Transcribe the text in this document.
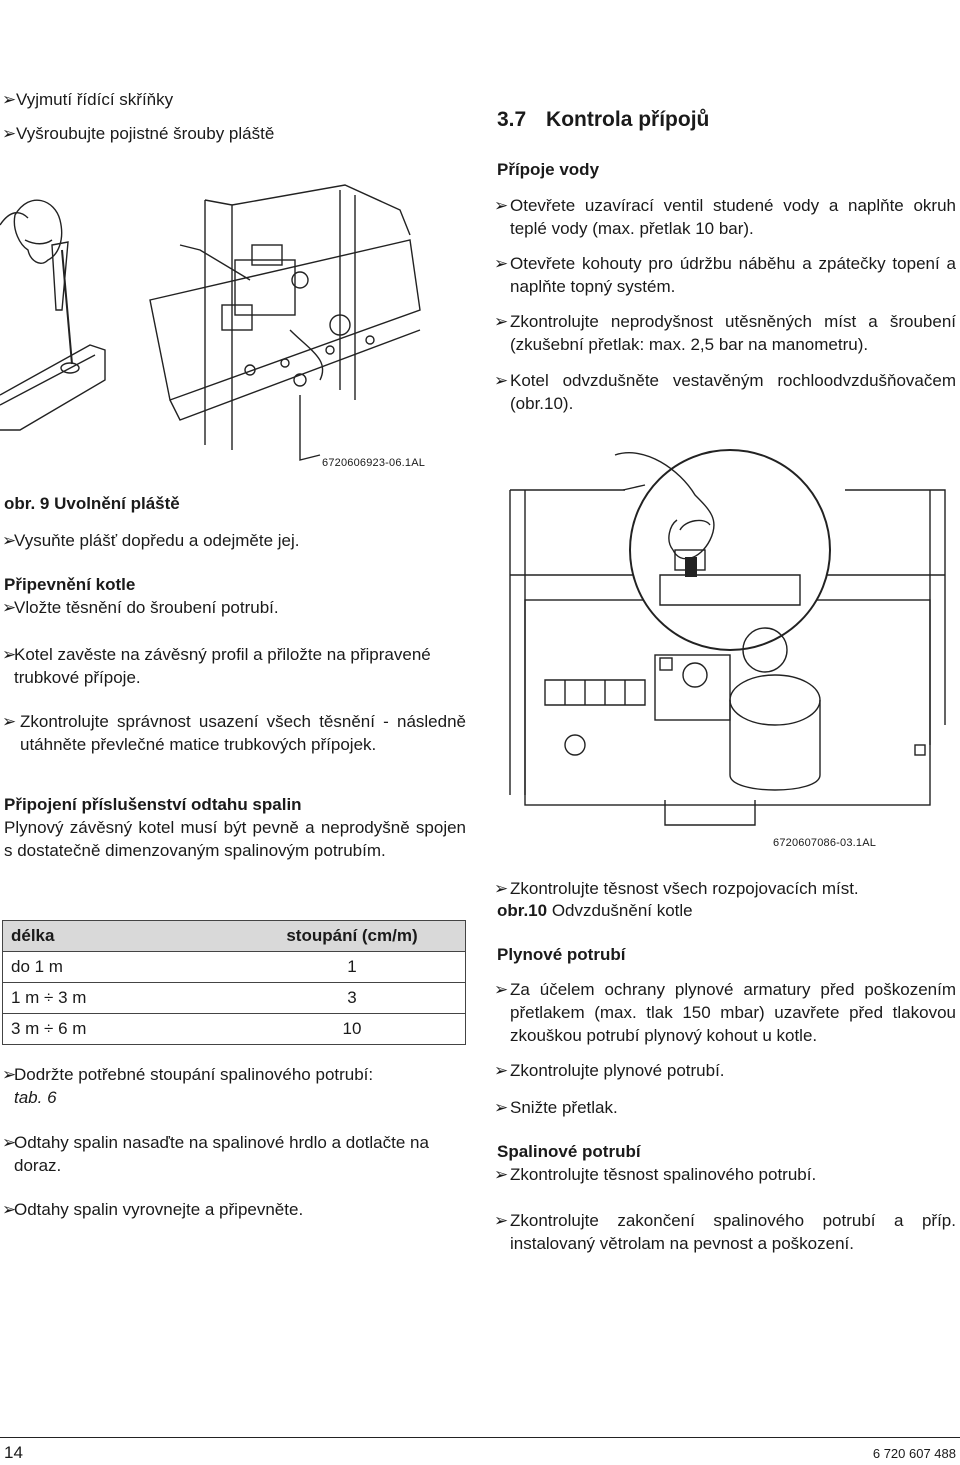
➢ Vyjmutí řídící skříňky
➢ Vyšroubujte pojistné šrouby pláště
6720606923-06.1AL
obr. 9 Uvolnění pláště
➢
Vysuňte plášť dopředu a odejměte jej.
Připevnění kotle
➢
Vložte těsnění do šroubení potrubí.
➢
Kotel zavěste na závěsný profil a přiložte na připravené trubkové přípoje.
➢ Zkontrolujte správnost usazení všech těsnění - následně utáhněte převlečné matice trubkových přípojek.
Připojení příslušenství odtahu spalin
Plynový závěsný kotel musí být pevně a neprodyšně spojen s dostatečně dimenzovaným spalinovým potrubím.
délka	stoupání (cm/m)
do 1 m	1
1 m ÷ 3 m	3
3 m ÷ 6 m	10
➢
Dodržte potřebné stoupání spalinového potrubí:
tab. 6
➢
Odtahy spalin nasaďte na spalinové hrdlo a dotlačte na doraz.
➢
Odtahy spalin vyrovnejte a připevněte.
3.7 Kontrola přípojů
Přípoje vody
➢ Otevřete uzavírací ventil studené vody a naplňte okruh teplé vody (max. přetlak 10 bar).
➢ Otevřete kohouty pro údržbu náběhu a zpátečky topení a naplňte topný systém.
➢ Zkontrolujte neprodyšnost utěsněných míst a šroubení (zkušební přetlak: max. 2,5 bar na manometru).
➢ Kotel odvzdušněte vestavěným rochloodvzdušňovačem (obr.10).
6720607086-03.1AL
➢ Zkontrolujte těsnost všech rozpojovacích míst.
obr.10 Odvzdušnění kotle
Plynové potrubí
➢ Za účelem ochrany plynové armatury před poškozením přetlakem (max. tlak 150 mbar) uzavřete před tlakovou zkouškou potrubí plynový kohout u kotle.
➢ Zkontrolujte plynové potrubí.
➢ Snižte přetlak.
Spalinové potrubí
➢ Zkontrolujte těsnost spalinového potrubí.
➢ Zkontrolujte zakončení spalinového potrubí a příp. instalovaný větrolam na pevnost a poškození.
14	6 720 607 488
